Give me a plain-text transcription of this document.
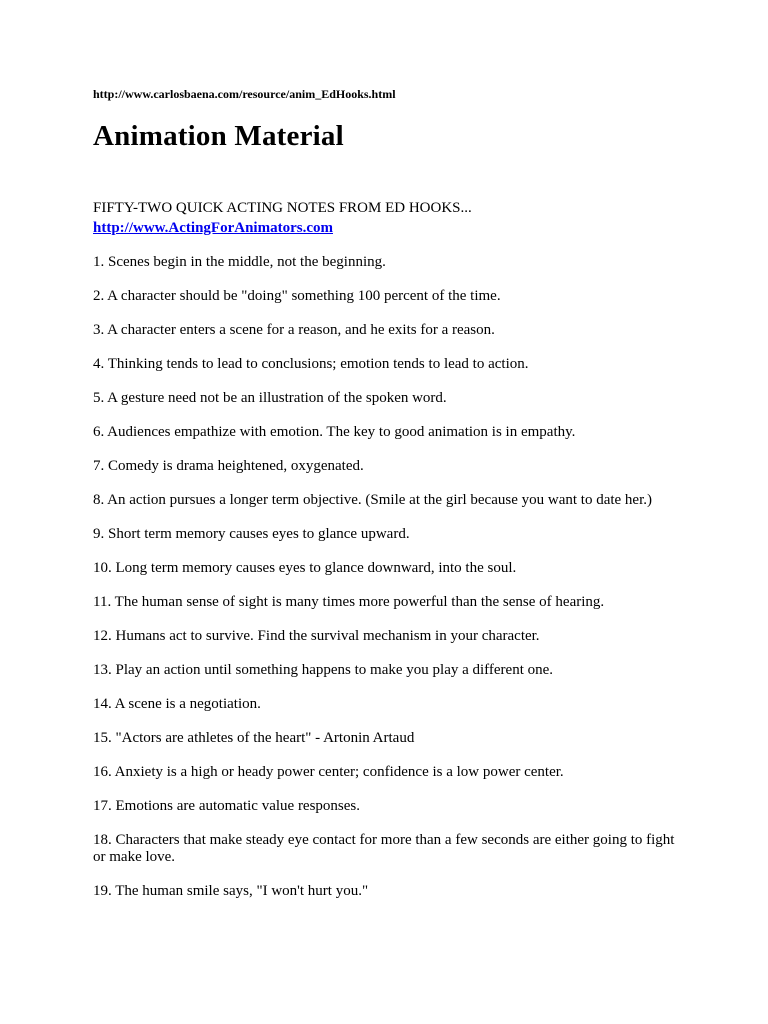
http://www.carlosbaena.com/resource/anim_EdHooks.html
Animation Material
FIFTY-TWO QUICK ACTING NOTES FROM ED HOOKS...
http://www.ActingForAnimators.com
1. Scenes begin in the middle, not the beginning.
2. A character should be "doing" something 100 percent of the time.
3. A character enters a scene for a reason, and he exits for a reason.
4. Thinking tends to lead to conclusions; emotion tends to lead to action.
5. A gesture need not be an illustration of the spoken word.
6. Audiences empathize with emotion. The key to good animation is in empathy.
7. Comedy is drama heightened, oxygenated.
8. An action pursues a longer term objective. (Smile at the girl because you want to date her.)
9. Short term memory causes eyes to glance upward.
10. Long term memory causes eyes to glance downward, into the soul.
11. The human sense of sight is many times more powerful than the sense of hearing.
12. Humans act to survive. Find the survival mechanism in your character.
13. Play an action until something happens to make you play a different one.
14. A scene is a negotiation.
15. "Actors are athletes of the heart" - Artonin Artaud
16. Anxiety is a high or heady power center; confidence is a low power center.
17. Emotions are automatic value responses.
18. Characters that make steady eye contact for more than a few seconds are either going to fight or make love.
19. The human smile says, "I won't hurt you."
